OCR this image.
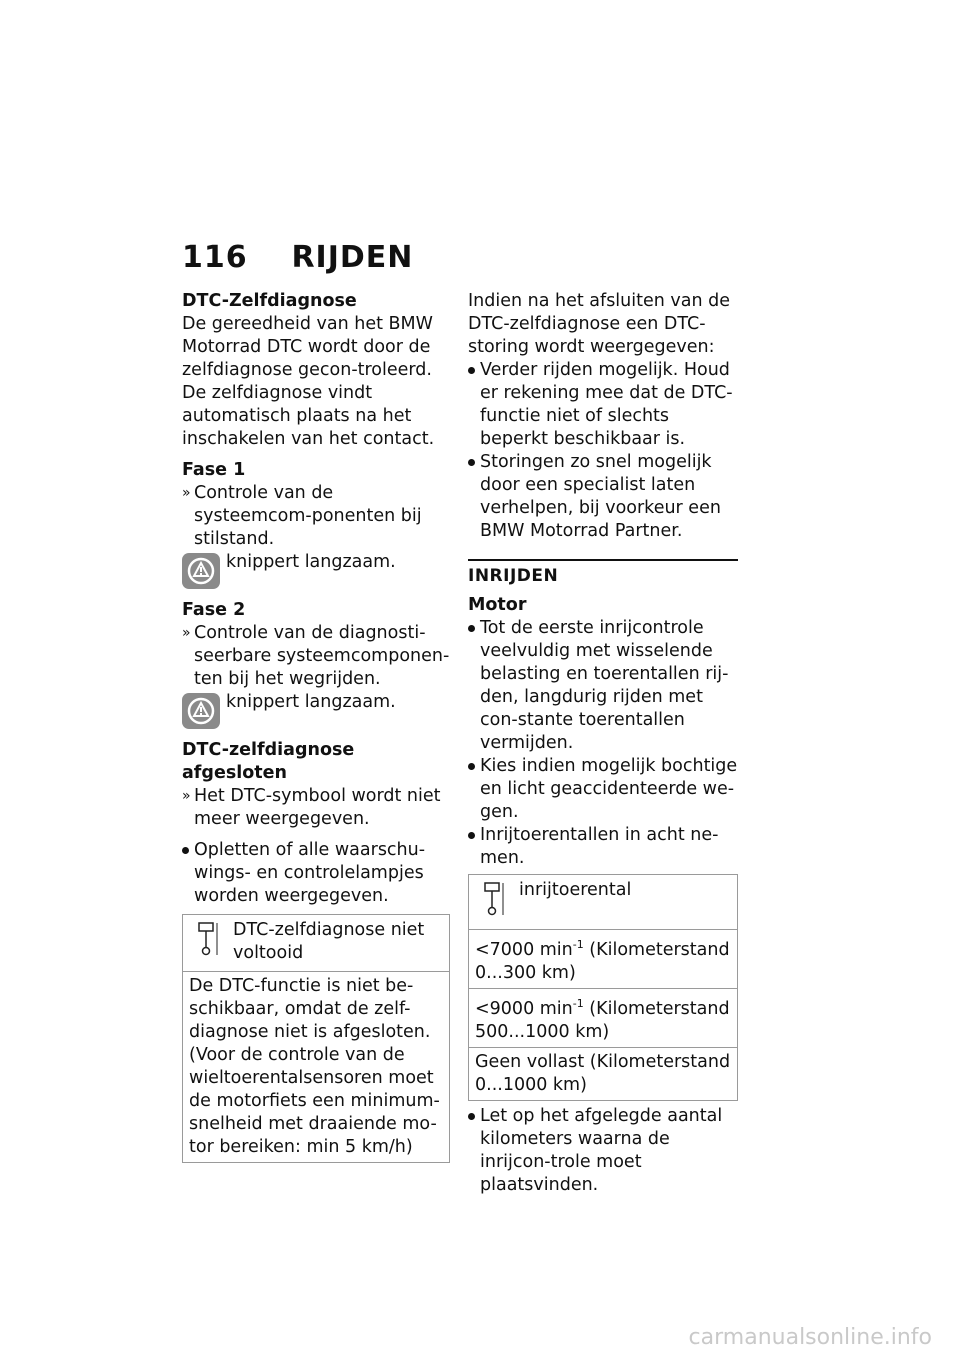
116 RIJDEN

DTC-Zelfdiagnose

De gereedheid van het BMW Motorrad DTC wordt door de zelfdiagnose gecon-troleerd. De zelfdiagnose vindt automatisch plaats na het inschakelen van het contact.

Fase 1

» Controle van de systeemcom-ponenten bij stilstand.
knippert langzaam.

Fase 2

» Controle van de diagnosti-seerbare systeemcomponen-ten bij het wegrijden.
knippert langzaam.

DTC-zelfdiagnose afgesloten

» Het DTC-symbool wordt niet meer weergegeven.
Opletten of alle waarschu-wings- en controlelampjes worden weergegeven.
DTC-zelfdiagnose niet voltooid
De DTC-functie is niet be-schikbaar, omdat de zelf-diagnose niet is afgesloten. (Voor de controle van de wieltoerentalsensoren moet de motorfiets een minimum-snelheid met draaiende mo-tor bereiken: min 5 km/h)

Indien na het afsluiten van de DTC-zelfdiagnose een DTC-storing wordt weergegeven:

Verder rijden mogelijk. Houd er rekening mee dat de DTC-functie niet of slechts beperkt beschikbaar is.
Storingen zo snel mogelijk door een specialist laten verhelpen, bij voorkeur een BMW Motorrad Partner.

INRIJDEN

Motor

Tot de eerste inrijcontrole veelvuldig met wisselende belasting en toerentallen rij-den, langdurig rijden met con-stante toerentallen vermijden.
Kies indien mogelijk bochtige en licht geaccidenteerde we-gen.
Inrijtoerentallen in acht ne-men.
inrijtoerental
<7000 $\min^{-1}$ (Kilometerstand 0...300 km)
<9000 $\min^{-1}$ (Kilometerstand 500...1000 km)
Geen vollast (Kilometerstand 0...1000 km)
Let op het afgelegde aantal kilometers waarna de inrijcon-trole moet plaatsvinden.
carmanualsonline.info
